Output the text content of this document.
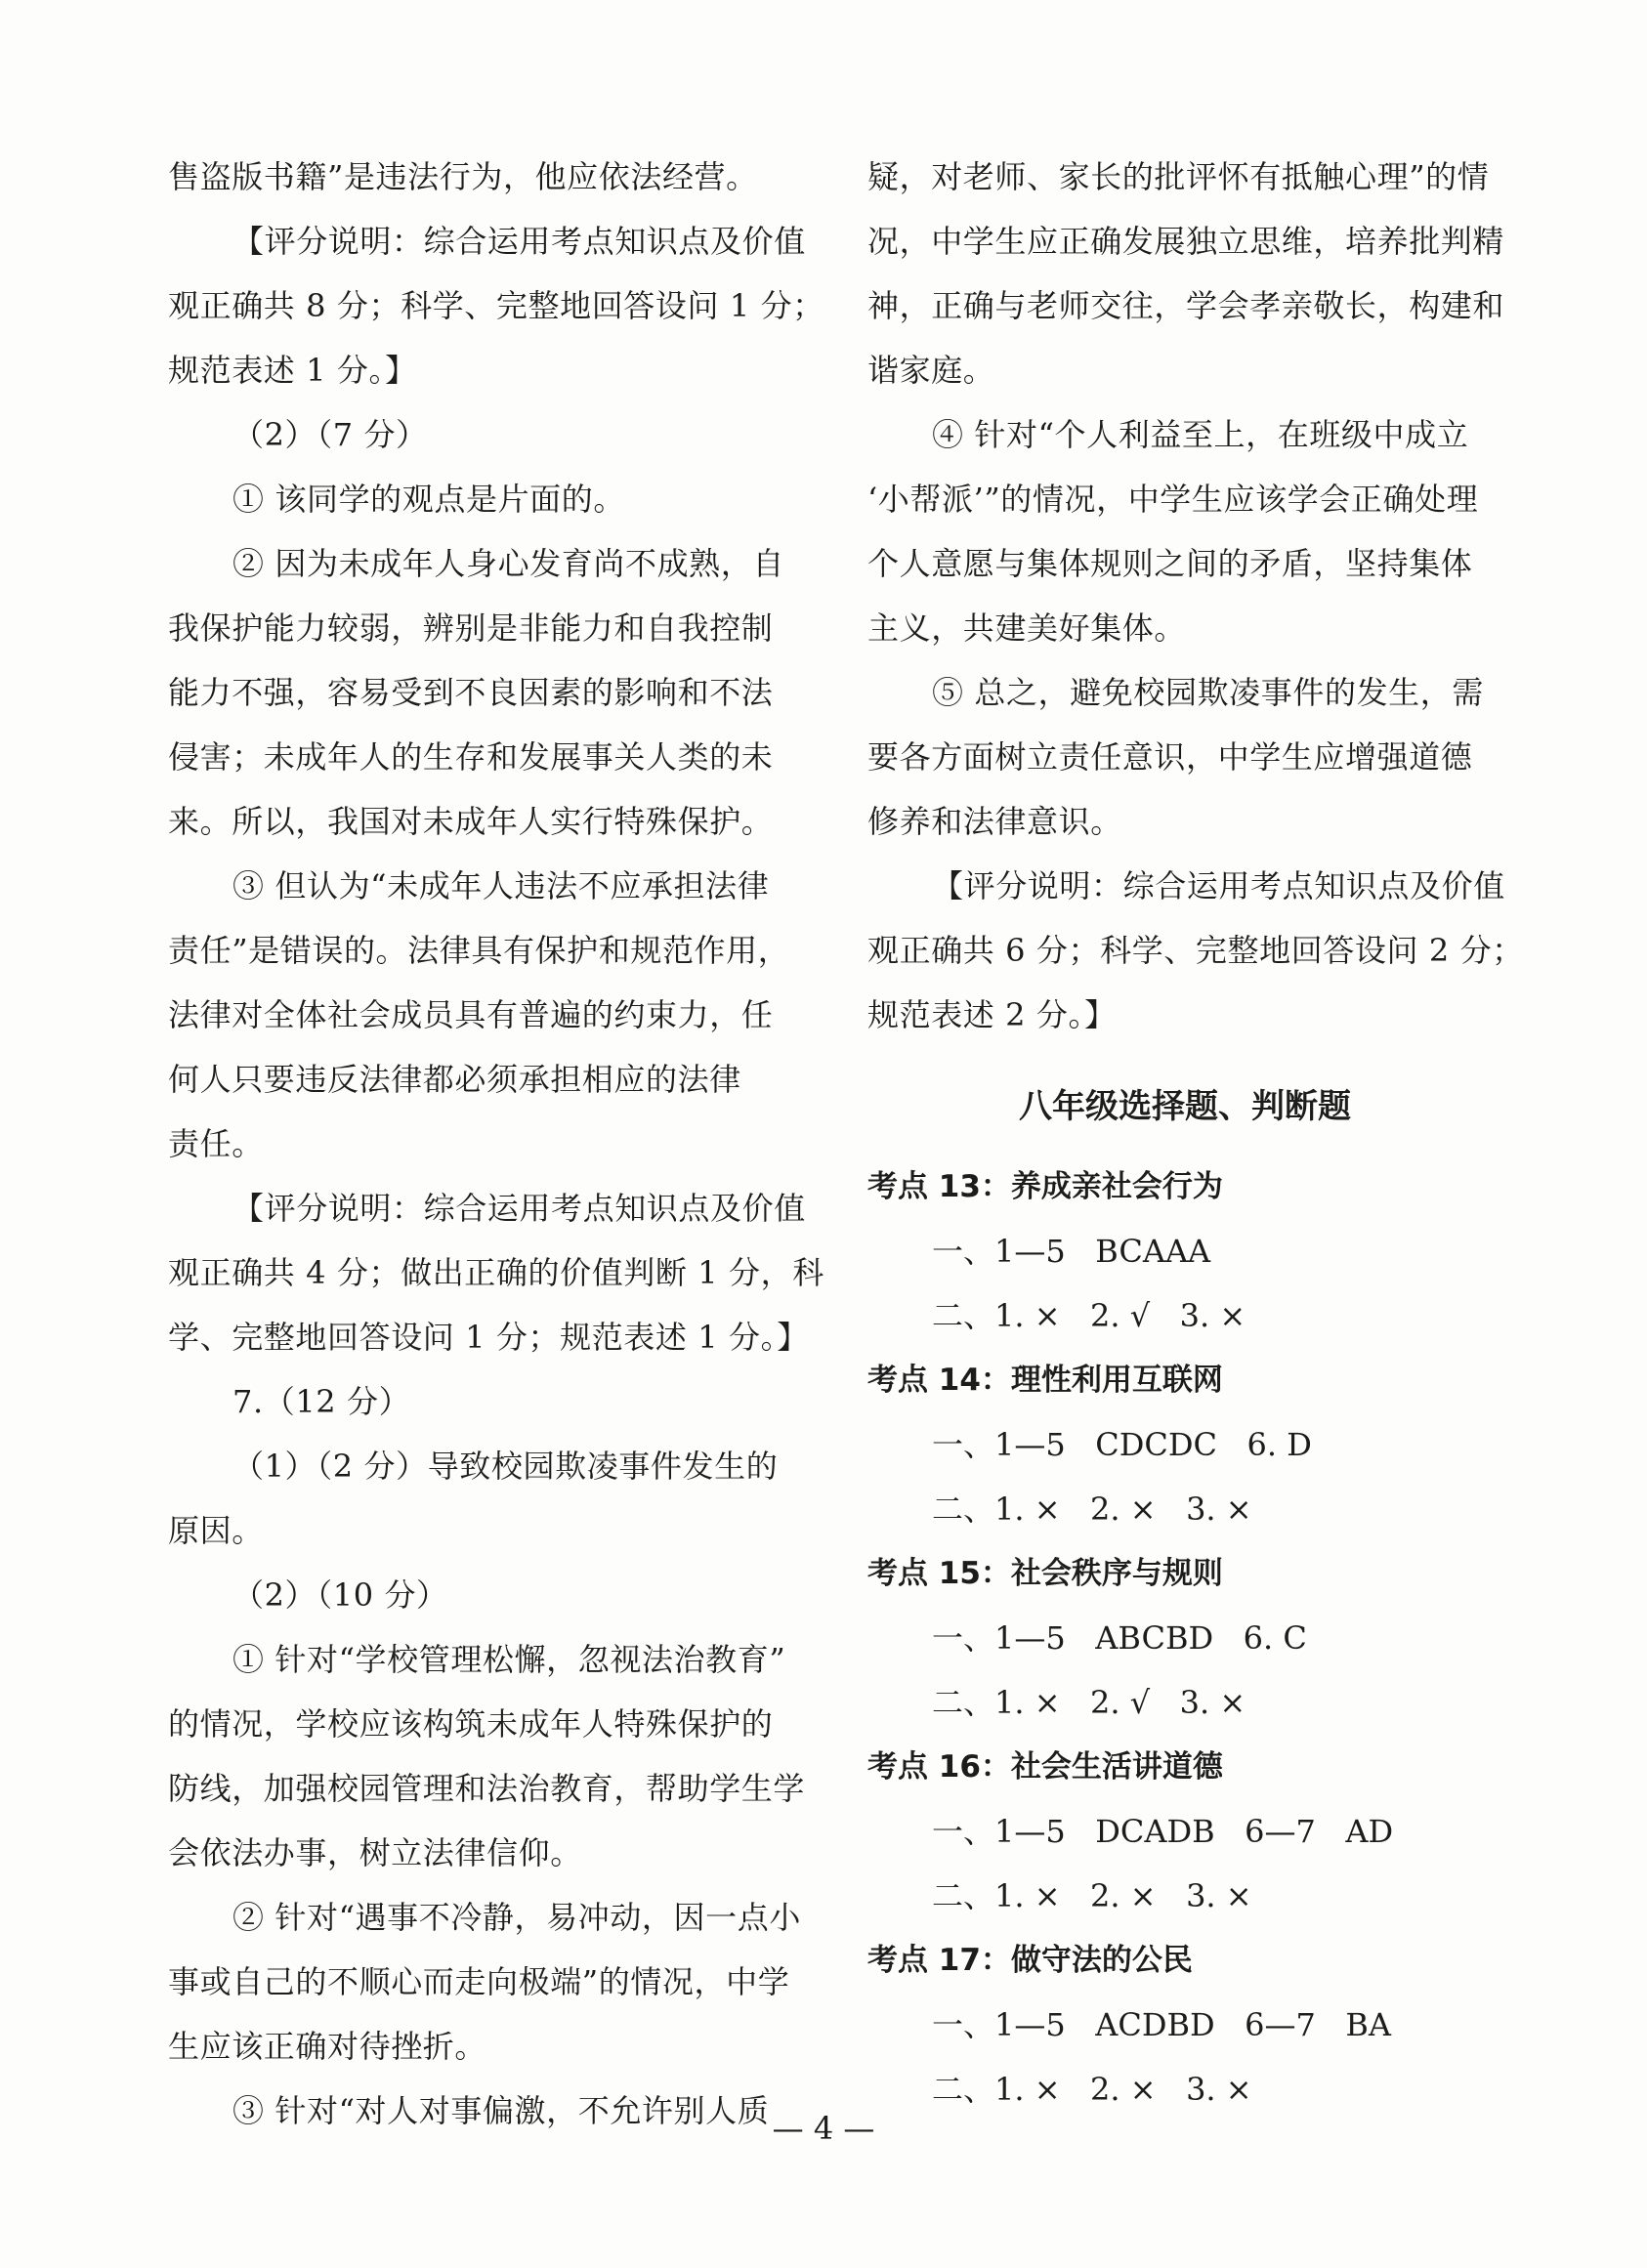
售盗版书籍”是违法行为，他应依法经营。

【评分说明：综合运用考点知识点及价值

观正确共 8 分；科学、完整地回答设问 1 分；

规范表述 1 分。】

（2）（7 分）

① 该同学的观点是片面的。

② 因为未成年人身心发育尚不成熟，自

我保护能力较弱，辨别是非能力和自我控制

能力不强，容易受到不良因素的影响和不法

侵害；未成年人的生存和发展事关人类的未

来。所以，我国对未成年人实行特殊保护。

③ 但认为“未成年人违法不应承担法律

责任”是错误的。法律具有保护和规范作用，

法律对全体社会成员具有普遍的约束力，任

何人只要违反法律都必须承担相应的法律

责任。

【评分说明：综合运用考点知识点及价值

观正确共 4 分；做出正确的价值判断 1 分，科

学、完整地回答设问 1 分；规范表述 1 分。】

7.（12 分）

（1）（2 分）导致校园欺凌事件发生的

原因。

（2）（10 分）

① 针对“学校管理松懈，忽视法治教育”

的情况，学校应该构筑未成年人特殊保护的

防线，加强校园管理和法治教育，帮助学生学

会依法办事，树立法律信仰。

② 针对“遇事不冷静，易冲动，因一点小

事或自己的不顺心而走向极端”的情况，中学

生应该正确对待挫折。

③ 针对“对人对事偏激，不允许别人质

疑，对老师、家长的批评怀有抵触心理”的情

况，中学生应正确发展独立思维，培养批判精

神，正确与老师交往，学会孝亲敬长，构建和

谐家庭。

④ 针对“个人利益至上，在班级中成立

‘小帮派’”的情况，中学生应该学会正确处理

个人意愿与集体规则之间的矛盾，坚持集体

主义，共建美好集体。

⑤ 总之，避免校园欺凌事件的发生，需

要各方面树立责任意识，中学生应增强道德

修养和法律意识。

【评分说明：综合运用考点知识点及价值

观正确共 6 分；科学、完整地回答设问 2 分；

规范表述 2 分。】

八年级选择题、判断题

考点 13：养成亲社会行为

一、1—5   BCAAA

二、1. ×   2. √   3. ×

考点 14：理性利用互联网

一、1—5   CDCDC   6. D

二、1. ×   2. ×   3. ×

考点 15：社会秩序与规则

一、1—5   ABCBD   6. C

二、1. ×   2. √   3. ×

考点 16：社会生活讲道德

一、1—5   DCADB   6—7   AD

二、1. ×   2. ×   3. ×

考点 17：做守法的公民

一、1—5   ACDBD   6—7   BA

二、1. ×   2. ×   3. ×

— 4 —
